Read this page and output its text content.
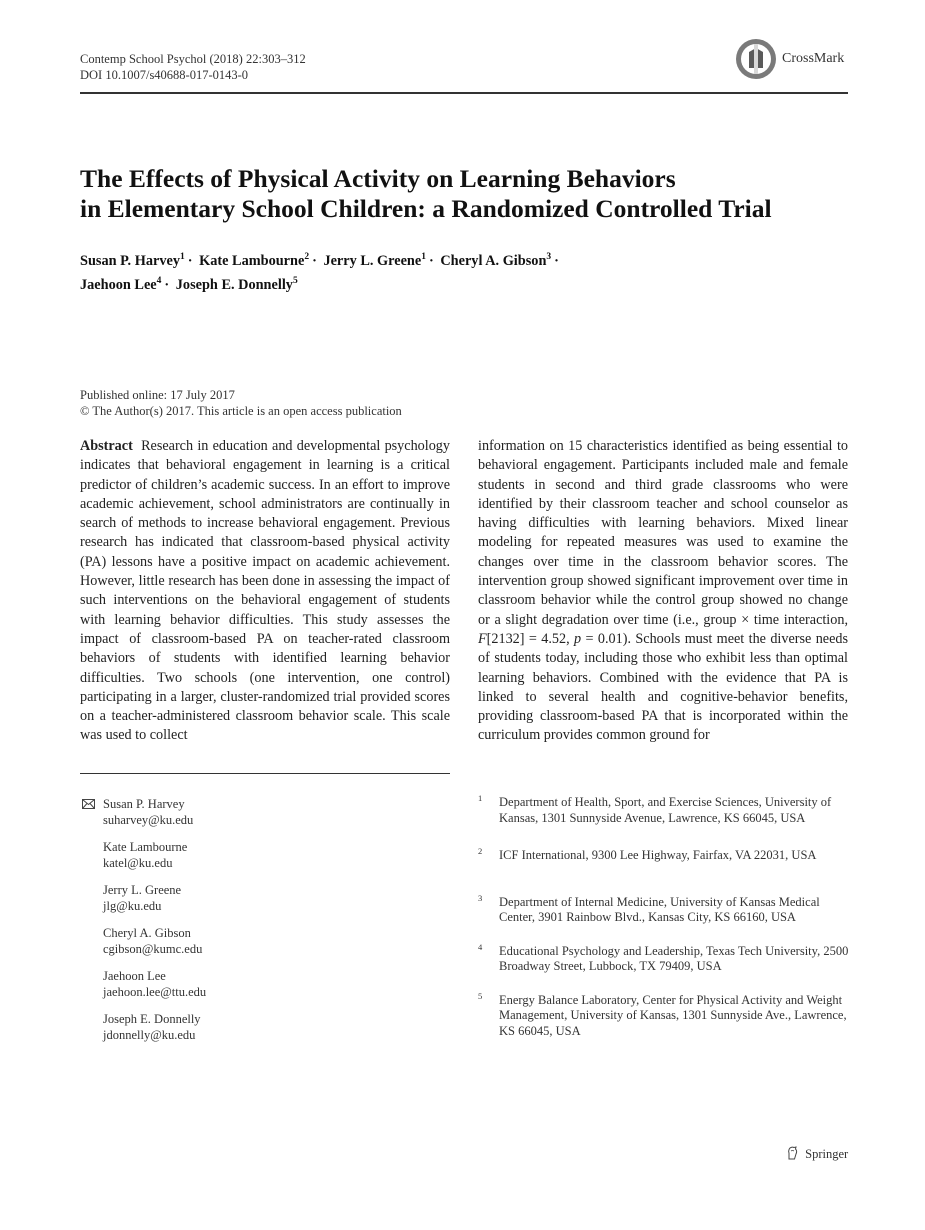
Contemp School Psychol (2018) 22:303–312
DOI 10.1007/s40688-017-0143-0
CrossMark
The Effects of Physical Activity on Learning Behaviors
in Elementary School Children: a Randomized Controlled Trial
Susan P. Harvey$^1$ · Kate Lambourne$^2$ · Jerry L. Greene$^1$ · Cheryl A. Gibson$^3$ ·
Jaehoon Lee$^4$ · Joseph E. Donnelly$^5$
Published online: 17 July 2017
© The Author(s) 2017. This article is an open access publication
Abstract Research in education and developmental psychology indicates that behavioral engagement in learning is a critical predictor of children’s academic success. In an effort to improve academic achievement, school administrators are continually in search of methods to increase behavioral engagement. Previous research has indicated that classroom-based physical activity (PA) lessons have a positive impact on academic achievement. However, little research has been done in assessing the impact of such interventions on the behavioral engagement of students with learning behavior difficulties. This study assesses the impact of classroom-based PA on teacher-rated classroom behaviors of students with identified learning behavior difficulties. Two schools (one intervention, one control) participating in a larger, cluster-randomized trial provided scores on a teacher-administered classroom behavior scale. This scale was used to collect
information on 15 characteristics identified as being essential to behavioral engagement. Participants included male and female students in second and third grade classrooms who were identified by their classroom teacher and school counselor as having difficulties with learning behaviors. Mixed linear modeling for repeated measures was used to examine the changes over time in the classroom behavior scores. The intervention group showed significant improvement over time in classroom behavior while the control group showed no change or a slight degradation over time (i.e., group × time interaction, F[2132] = 4.52, p = 0.01). Schools must meet the diverse needs of students today, including those who exhibit less than optimal learning behaviors. Combined with the evidence that PA is linked to several health and cognitive-behavior benefits, providing classroom-based PA that is incorporated within the curriculum provides common ground for
Susan P. Harvey
suharvey@ku.edu
Kate Lambourne
katel@ku.edu
Jerry L. Greene
jlg@ku.edu
Cheryl A. Gibson
cgibson@kumc.edu
Jaehoon Lee
jaehoon.lee@ttu.edu
Joseph E. Donnelly
jdonnelly@ku.edu
1 Department of Health, Sport, and Exercise Sciences, University of Kansas, 1301 Sunnyside Avenue, Lawrence, KS 66045, USA
2 ICF International, 9300 Lee Highway, Fairfax, VA 22031, USA
3 Department of Internal Medicine, University of Kansas Medical Center, 3901 Rainbow Blvd., Kansas City, KS 66160, USA
4 Educational Psychology and Leadership, Texas Tech University, 2500 Broadway Street, Lubbock, TX 79409, USA
5 Energy Balance Laboratory, Center for Physical Activity and Weight Management, University of Kansas, 1301 Sunnyside Ave., Lawrence, KS 66045, USA
Springer
